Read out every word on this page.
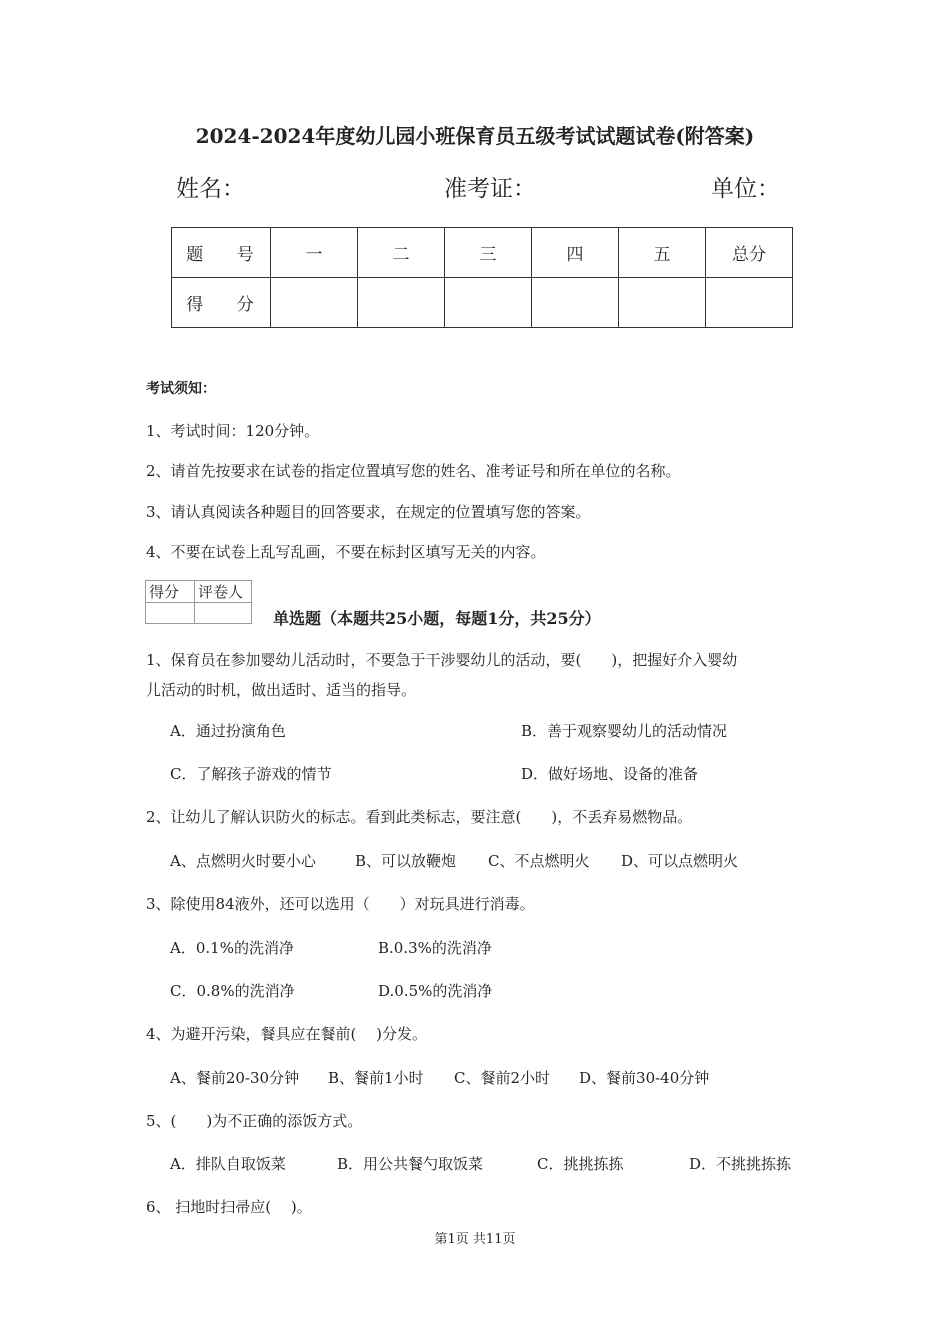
2024-2024年度幼儿园小班保育员五级考试试题试卷(附答案)
姓名：	准考证：	单位：
题 号	一	二	三	四	五	总分
得 分						
考试须知：
1、考试时间：120分钟。
2、请首先按要求在试卷的指定位置填写您的姓名、准考证号和所在单位的名称。
3、请认真阅读各种题目的回答要求，在规定的位置填写您的答案。
4、不要在试卷上乱写乱画，不要在标封区填写无关的内容。
得分	评卷人

单选题（本题共25小题，每题1分，共25分）
1、保育员在参加婴幼儿活动时，不要急于干涉婴幼儿的活动，要(　　)，把握好介入婴幼
儿活动的时机，做出适时、适当的指导。
A．通过扮演角色	B．善于观察婴幼儿的活动情况
C．了解孩子游戏的情节	D．做好场地、设备的准备
2、让幼儿了解认识防火的标志。看到此类标志，要注意(　　)，不丢弃易燃物品。
A、点燃明火时要小心	B、可以放鞭炮 C、不点燃明火 D、可以点燃明火
3、除使用84液外，还可以选用（　　）对玩具进行消毒。
A．0.1%的洗消净	B.0.3%的洗消净
C．0.8%的洗消净	D.0.5%的洗消净
4、为避开污染，餐具应在餐前(　 )分发。
A、餐前20-30分钟 B、餐前1小时 C、餐前2小时 D、餐前30-40分钟
5、(　　)为不正确的添饭方式。
A．排队自取饭菜	B．用公共餐勺取饭菜	C．挑挑拣拣	D．不挑挑拣拣
6、 扫地时扫帚应(　 )。
第1页 共11页
